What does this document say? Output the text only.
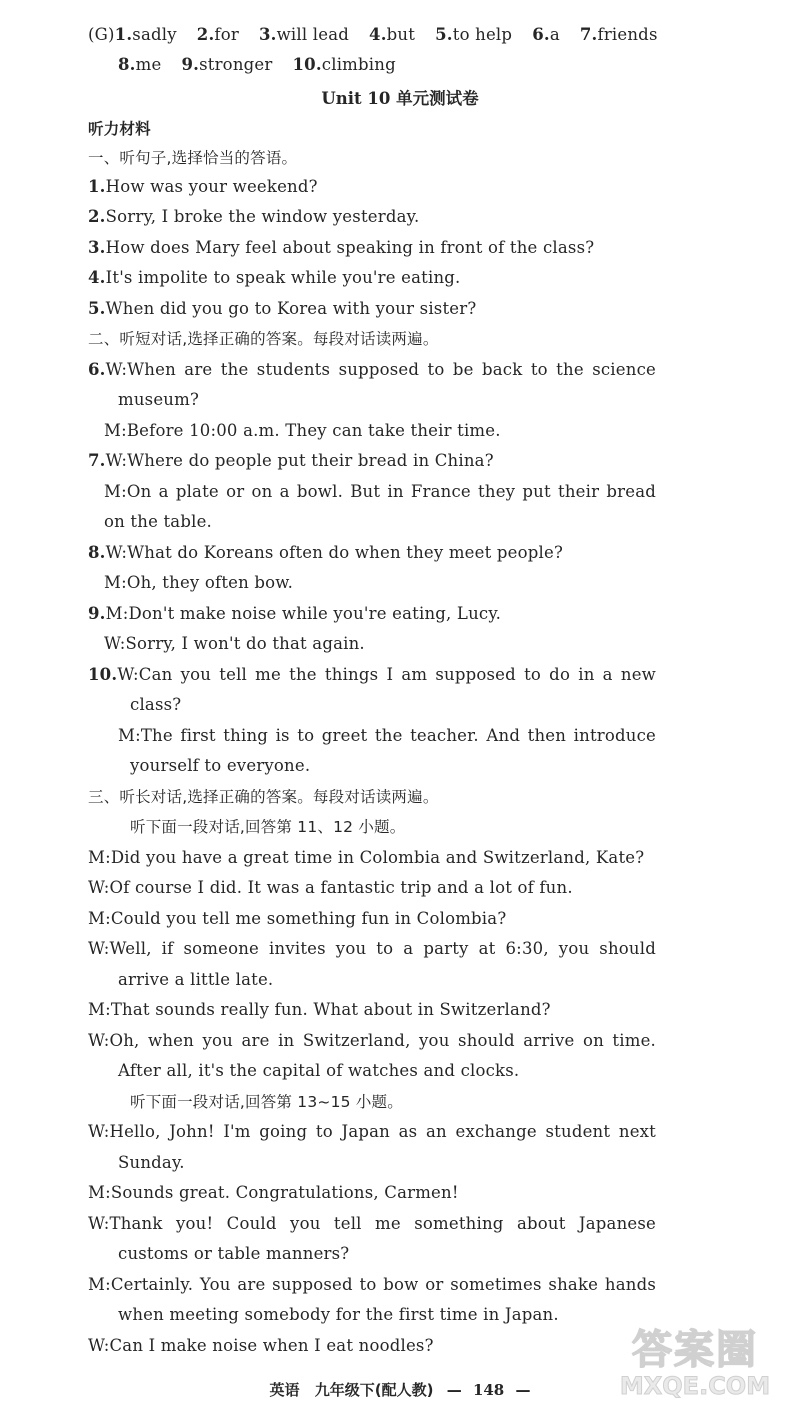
(G)1.sadly 2.for 3.will lead 4.but 5.to help 6.a 7.friends
8.me 9.stronger 10.climbing
Unit 10 单元测试卷
听力材料
一、听句子,选择恰当的答语。
1.How was your weekend?
2.Sorry, I broke the window yesterday.
3.How does Mary feel about speaking in front of the class?
4.It's impolite to speak while you're eating.
5.When did you go to Korea with your sister?
二、听短对话,选择正确的答案。每段对话读两遍。
6.W:When are the students supposed to be back to the science
museum?
M:Before 10:00 a.m. They can take their time.
7.W:Where do people put their bread in China?
M:On a plate or on a bowl. But in France they put their bread
on the table.
8.W:What do Koreans often do when they meet people?
M:Oh, they often bow.
9.M:Don't make noise while you're eating, Lucy.
W:Sorry, I won't do that again.
10.W:Can you tell me the things I am supposed to do in a new
class?
M:The first thing is to greet the teacher. And then introduce
yourself to everyone.
三、听长对话,选择正确的答案。每段对话读两遍。
听下面一段对话,回答第 11、12 小题。
M:Did you have a great time in Colombia and Switzerland, Kate?
W:Of course I did. It was a fantastic trip and a lot of fun.
M:Could you tell me something fun in Colombia?
W:Well, if someone invites you to a party at 6:30, you should
arrive a little late.
M:That sounds really fun. What about in Switzerland?
W:Oh, when you are in Switzerland, you should arrive on time.
After all, it's the capital of watches and clocks.
听下面一段对话,回答第 13~15 小题。
W:Hello, John! I'm going to Japan as an exchange student next
Sunday.
M:Sounds great. Congratulations, Carmen!
W:Thank you! Could you tell me something about Japanese
customs or table manners?
M:Certainly. You are supposed to bow or sometimes shake hands
when meeting somebody for the first time in Japan.
W:Can I make noise when I eat noodles?
英语 九年级下(配人教) — 148 —
答案圈
MXQE.COM
